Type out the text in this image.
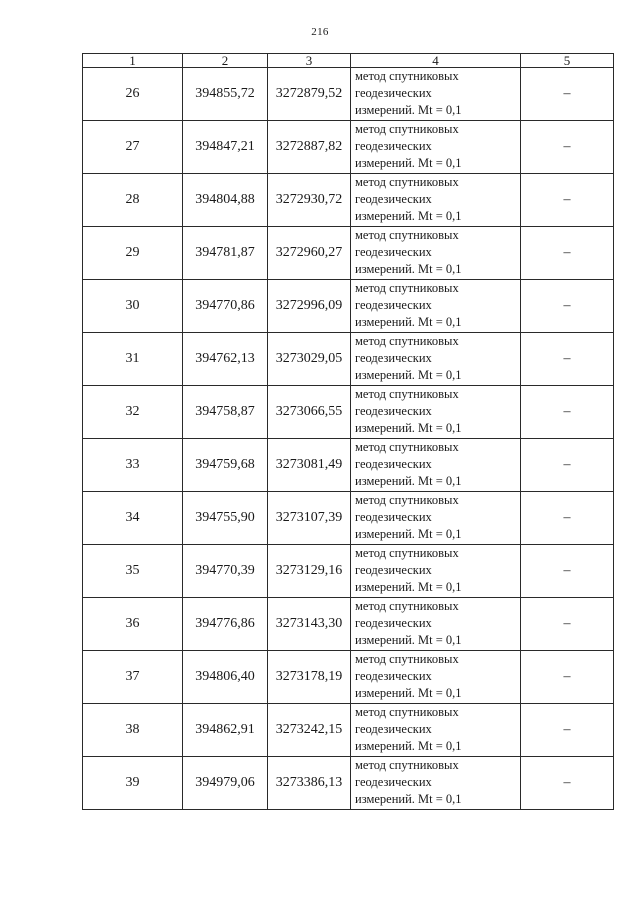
216
1	2	3	4	5
26	394855,72	3272879,52	метод спутниковых
геодезических
измерений. Mt = 0,1	–
27	394847,21	3272887,82	метод спутниковых
геодезических
измерений. Mt = 0,1	–
28	394804,88	3272930,72	метод спутниковых
геодезических
измерений. Mt = 0,1	–
29	394781,87	3272960,27	метод спутниковых
геодезических
измерений. Mt = 0,1	–
30	394770,86	3272996,09	метод спутниковых
геодезических
измерений. Mt = 0,1	–
31	394762,13	3273029,05	метод спутниковых
геодезических
измерений. Mt = 0,1	–
32	394758,87	3273066,55	метод спутниковых
геодезических
измерений. Mt = 0,1	–
33	394759,68	3273081,49	метод спутниковых
геодезических
измерений. Mt = 0,1	–
34	394755,90	3273107,39	метод спутниковых
геодезических
измерений. Mt = 0,1	–
35	394770,39	3273129,16	метод спутниковых
геодезических
измерений. Mt = 0,1	–
36	394776,86	3273143,30	метод спутниковых
геодезических
измерений. Mt = 0,1	–
37	394806,40	3273178,19	метод спутниковых
геодезических
измерений. Mt = 0,1	–
38	394862,91	3273242,15	метод спутниковых
геодезических
измерений. Mt = 0,1	–
39	394979,06	3273386,13	метод спутниковых
геодезических
измерений. Mt = 0,1	–
